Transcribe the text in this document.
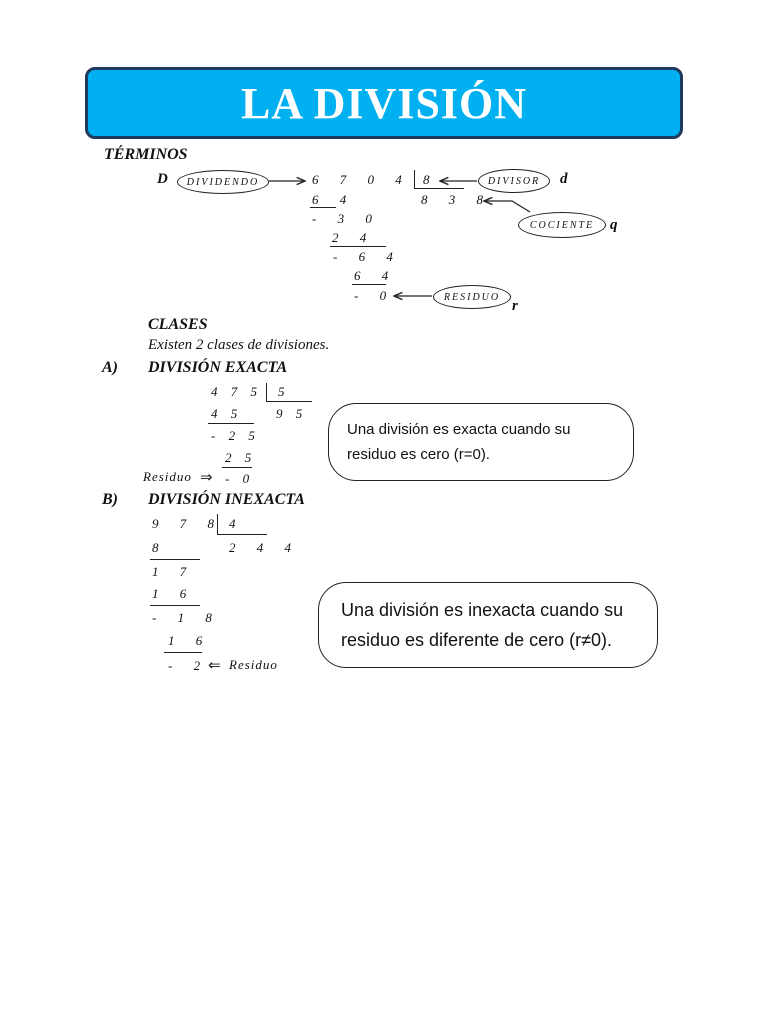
LA DIVISIÓN
TÉRMINOS
D DIVIDENDO	6 7 0 4 8	DIVISOR d
8 3 8
COCIENTE q
6 4
- 3 0
2 4
- 6 4
6 4
- 0	RESIDUO
r
CLASES
Existen 2 clases de divisiones.
A) DIVISIÓN EXACTA
4 7 5 5
9 5
4 5
- 2 5
2 5
Residuo ⇒ - 0
Una división es exacta cuando su residuo es cero (r=0).
B) DIVISIÓN INEXACTA
9 7 8 4
2 4 4
8
1 7
1 6
- 1 8
1 6
- 2
⇐ Residuo
Una división es inexacta cuando su residuo es diferente de cero (r≠0).
